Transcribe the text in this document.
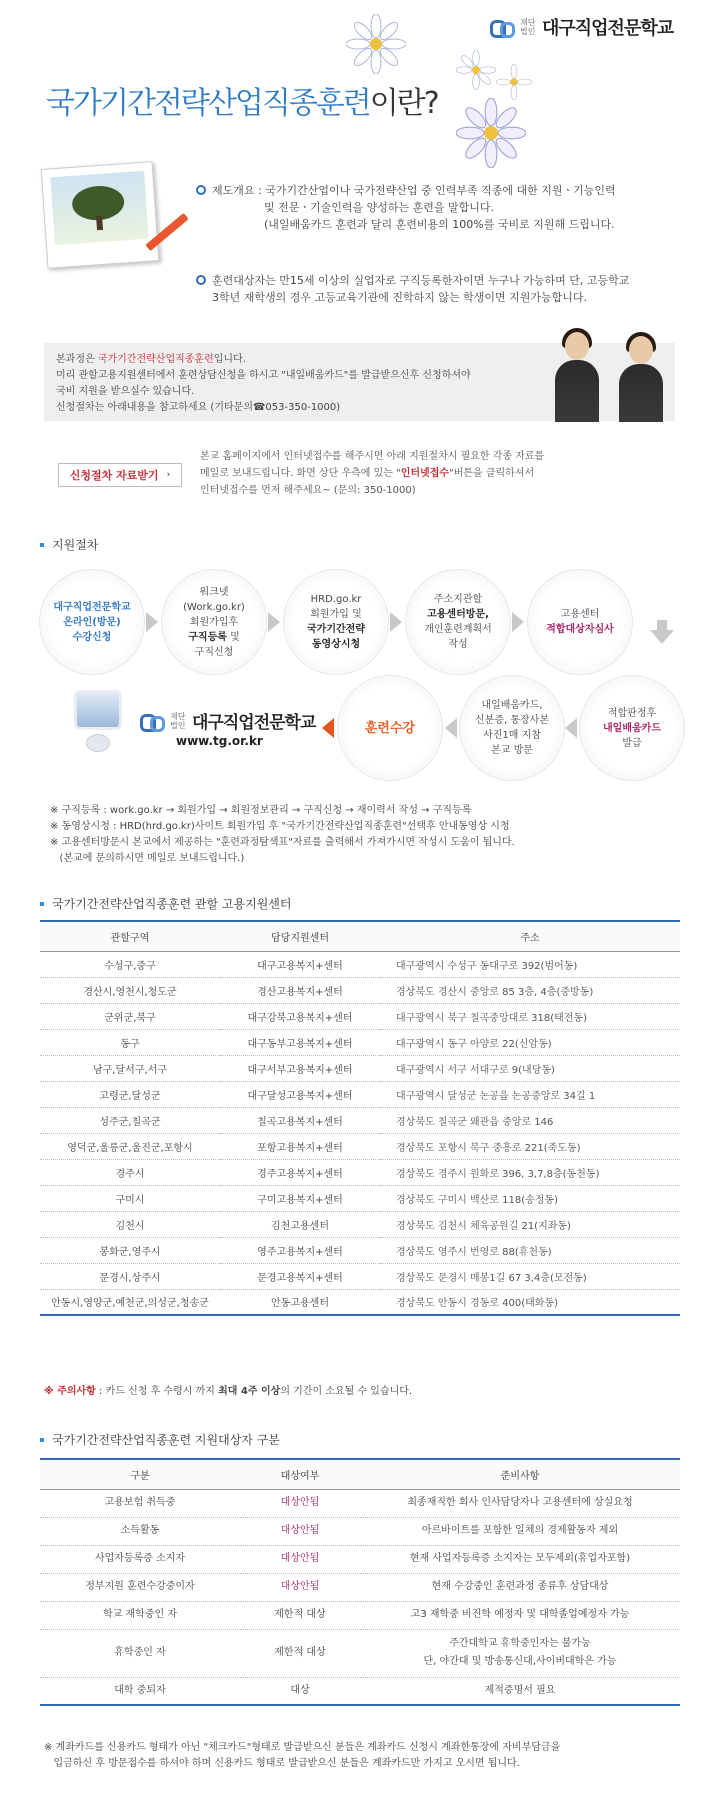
재단
법인 대구직업전문학교
국가기간전략산업직종훈련이란?
제도개요 : 국가기간산업이나 국가전략산업 중 인력부족 직종에 대한 지원ㆍ기능인력
및 전문ㆍ기술인력을 양성하는 훈련을 말합니다.
(내일배움카드 훈련과 달리 훈련비용의 100%를 국비로 지원해 드립니다.
훈련대상자는 만15세 이상의 실업자로 구직등록한자이면 누구나 가능하며 단, 고등학교
3학년 재학생의 경우 고등교육기관에 진학하지 않는 학생이면 지원가능합니다.

본과정은 국가기간전략산업직종훈련입니다.

미리 관할고용지원센터에서 훈련상담신청을 하시고 "내일배움카드"를 발급받으신후 신청하셔야

국비 지원을 받으실수 있습니다.

신청절차는 아래내용을 참고하세요 (기타문의☎053-350-1000)

신청절차 자료받기 ›
본교 홈페이지에서 인터넷접수를 해주시면 아래 지원절차시 필요한 각종 자료를
메일로 보내드립니다. 화면 상단 우측에 있는 "인터넷접수"버튼을 클릭하셔서
인터넷접수를 먼저 해주세요~ (문의: 350-1000)
지원절차
대구직업전문학교
온라인(방문)
수강신청
워크넷
(Work.go.kr)
회원가입후
구직등록 및
구직신청
HRD.go.kr
회원가입 및
국가기간전략
동영상시청
주소지관할
고용센터방문,
개인훈련계획서
작성
고용센터
적합대상자심사
적합판정후
내일배움카드
발급
내일배움카드,
신분증, 통장사본
사진1매 지참
본교 방문
훈련수강
재단
법인 대구직업전문학교
www.tg.or.kr
※ 구직등록 : work.go.kr → 회원가입 → 회원정보관리 → 구직신청 → 재이력서 작성 → 구직등록
※ 동영상시청 : HRD(hrd.go.kr)사이트 회원가입 후 "국가기간전략산업직종훈련"선택후 안내동영상 시청
※ 고용센터방문시 본교에서 제공하는 "훈련과정탐색표"자료를 출력해서 가져가시면 작성시 도움이 됩니다.
(본교에 문의하시면 메일로 보내드립니다.)
국가기간전략산업직종훈련 관할 고용지원센터
관할구역	담당지원센터	주소
수성구,중구	대구고용복지+센터	대구광역시 수성구 동대구로 392(범어동)
경산시,영천시,청도군	경산고용복지+센터	경상북도 경산시 중앙로 85 3층, 4층(중방동)
군위군,북구	대구강북고용복지+센터	대구광역시 북구 칠곡중앙대로 318(태전동)
동구	대구동부고용복지+센터	대구광역시 동구 아양로 22(신암동)
남구,달서구,서구	대구서부고용복지+센터	대구광역시 서구 서대구로 9(내당동)
고령군,달성군	대구달성고용복지+센터	대구광역시 달성군 논공읍 논공중앙로 34길 1
성주군,칠곡군	칠곡고용복지+센터	경상북도 칠곡군 왜관읍 중앙로 146
영덕군,울릉군,울진군,포항시	포항고용복지+센터	경상북도 포항시 북구 중흥로 221(죽도동)
경주시	경주고용복지+센터	경상북도 경주시 원화로 396, 3,7,8층(동천동)
구미시	구미고용복지+센터	경상북도 구미시 백산로 118(송정동)
김천시	김천고용센터	경상북도 김천시 체육공원길 21(지좌동)
봉화군,영주시	영주고용복지+센터	경상북도 영주시 번영로 88(휴천동)
문경시,상주시	문경고용복지+센터	경상북도 문경시 매봉1길 67 3,4층(모전동)
안동시,영양군,예천군,의성군,청송군	안동고용센터	경상북도 안동시 경동로 400(태화동)
※ 주의사항 : 카드 신청 후 수령시 까지 최대 4주 이상의 기간이 소요될 수 있습니다.
국가기간전략산업직종훈련 지원대상자 구분
구분	대상여부	준비사항
고용보험 취득중	대상안됨	최종재직한 회사 인사담당자나 고용센터에 상실요청
소득활동	대상안됨	아르바이트를 포함한 일체의 경제활동자 제외
사업자등록증 소지자	대상안됨	현재 사업자등록증 소지자는 모두제외(휴업자포함)
정부지원 훈련수강중이자	대상안됨	현재 수강중인 훈련과정 종류후 상담대상
학교 재학중인 자	제한적 대상	고3 재학중 비진학 예정자 및 대학졸업예정자 가능
휴학중인 자	제한적 대상	주간대학교 휴학중인자는 불가능
단, 야간대 및 방송통신대,사이버대학은 가능
대학 중퇴자	대상	제적증명서 필요
※ 계좌카드를 신용카드 형태가 아닌 "체크카드"형태로 발급받으신 분들은 계좌카드 신청시 계좌한통장에 자비부담금을
입금하신 후 방문접수를 하셔야 하며 신용카드 형태로 발급받으신 분들은 계좌카드만 가지고 오시면 됩니다.
